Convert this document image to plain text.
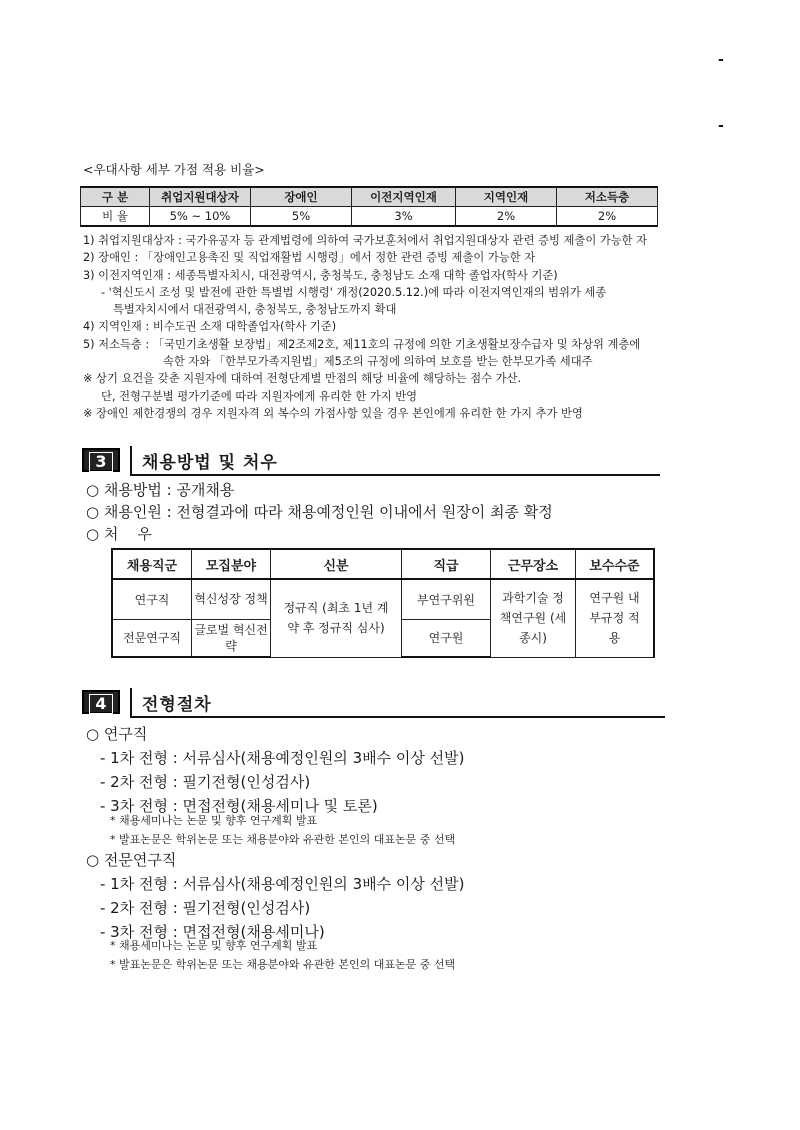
-
-
<우대사항 세부 가점 적용 비율>
구 분	취업지원대상자	장애인	이전지역인재	지역인재	저소득층
비 율	5% ~ 10%	5%	3%	2%	2%
1) 취업지원대상자 : 국가유공자 등 관계법령에 의하여 국가보훈처에서 취업지원대상자 관련 증빙 제출이 가능한 자
2) 장애인 : 「장애인고용촉진 및 직업재활법 시행령」에서 정한 관련 증빙 제출이 가능한 자
3) 이전지역인재 : 세종특별자치시, 대전광역시, 충청북도, 충청남도 소재 대학 졸업자(학사 기준)
- '혁신도시 조성 및 발전에 관한 특별법 시행령' 개정(2020.5.12.)에 따라 이전지역인재의 범위가 세종
특별자치시에서 대전광역시, 충청북도, 충청남도까지 확대
4) 지역인재 : 비수도권 소재 대학졸업자(학사 기준)
5) 저소득층 : 「국민기초생활 보장법」제2조제2호, 제11호의 규정에 의한 기초생활보장수급자 및 차상위 계층에
속한 자와 「한부모가족지원법」제5조의 규정에 의하여 보호를 받는 한부모가족 세대주
※ 상기 요건을 갖춘 지원자에 대하여 전형단계별 만점의 해당 비율에 해당하는 점수 가산.
단, 전형구분별 평가기준에 따라 지원자에게 유리한 한 가지 반영
※ 장애인 제한경쟁의 경우 지원자격 외 복수의 가점사항 있을 경우 본인에게 유리한 한 가지 추가 반영
3	채용방법 및 처우
○ 채용방법 : 공개채용
○ 채용인원 : 전형결과에 따라 채용예정인원 이내에서 원장이 최종 확정
○ 처    우
채용직군	모집분야	신분	직급	근무장소	보수수준
연구직	혁신성장 정책	정규직 (최초 1년 계약 후 정규직 심사)	부연구위원	과학기술 정책연구원 (세종시)	연구원 내부규정 적용
전문연구직	글로벌 혁신전략		연구원		
4	전형절차
○ 연구직
- 1차 전형 : 서류심사(채용예정인원의 3배수 이상 선발)
- 2차 전형 : 필기전형(인성검사)
- 3차 전형 : 면접전형(채용세미나 및 토론)
* 채용세미나는 논문 및 향후 연구계획 발표
* 발표논문은 학위논문 또는 채용분야와 유관한 본인의 대표논문 중 선택
○ 전문연구직
- 1차 전형 : 서류심사(채용예정인원의 3배수 이상 선발)
- 2차 전형 : 필기전형(인성검사)
- 3차 전형 : 면접전형(채용세미나)
* 채용세미나는 논문 및 향후 연구계획 발표
* 발표논문은 학위논문 또는 채용분야와 유관한 본인의 대표논문 중 선택
